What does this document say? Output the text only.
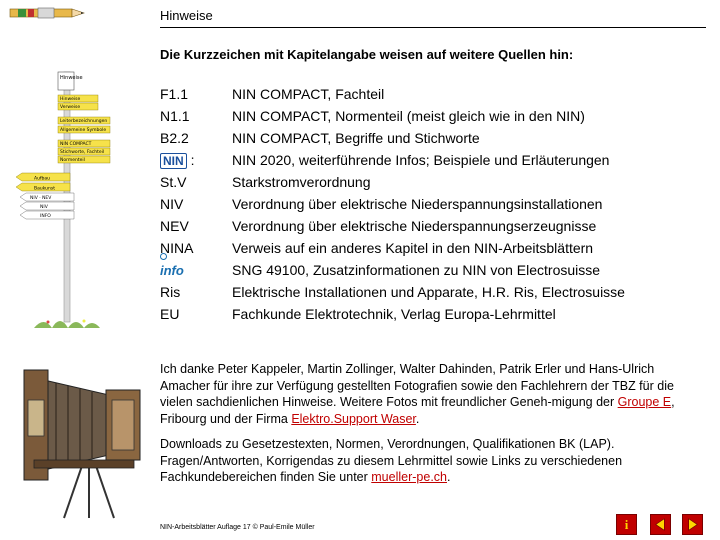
Hinweise
Die Kurzzeichen mit Kapitelangabe weisen auf weitere Quellen hin:
Hinweise
Hinweise
Verweise
Leiterbezeichnungen
Allgemeine Symbole
NIN COMPACT
Stichworte, Fachteil
Normenteil
Aufbau
Baukunst
NIV · NEV
NIV
INFO
F1.1
N1.1
B2.2
NIN :
St.V
NIV
NEV
NINA
info
Ris
EU
NIN COMPACT, Fachteil
NIN COMPACT, Normenteil (meist gleich wie in den NIN)
NIN COMPACT, Begriffe und Stichworte
NIN 2020, weiterführende Infos; Beispiele und Erläuterungen
Starkstromverordnung
Verordnung über elektrische Niederspannungsinstallationen
Verordnung über elektrische Niederspannungserzeugnisse
Verweis auf ein anderes Kapitel in den NIN-Arbeitsblättern
SNG 49100, Zusatzinformationen zu NIN von Electrosuisse
Elektrische Installationen und Apparate, H.R. Ris, Electrosuisse
Fachkunde Elektrotechnik, Verlag Europa-Lehrmittel
Ich danke Peter Kappeler, Martin Zollinger, Walter Dahinden, Patrik Erler und Hans-Ulrich Amacher für ihre zur Verfügung gestellten Fotografien sowie den Fachlehrern der TBZ für die vielen sachdienlichen Hinweise. Weitere Fotos mit freundlicher Geneh-migung der Groupe E, Fribourg und der Firma Elektro.Support Waser.
Downloads zu Gesetzestexten, Normen, Verordnungen, Qualifikationen BK (LAP). Fragen/Antworten, Korrigendas zu diesem Lehrmittel sowie Links zu verschiedenen Fachkundebereichen finden Sie unter mueller-pe.ch.
NIN-Arbeitsblätter Auflage 17 © Paul-Emile Müller	i
